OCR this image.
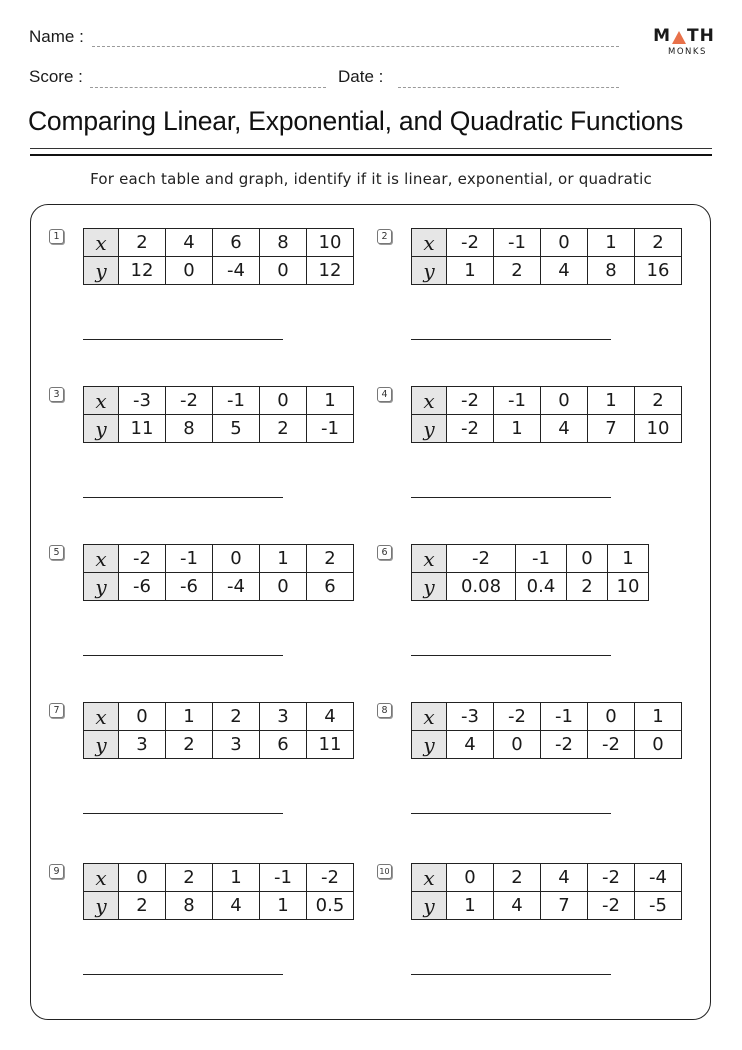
Name :
Score :	Date :
M TH
MONKS
Comparing Linear, Exponential, and Quadratic Functions
For each table and graph, identify if it is linear, exponential, or quadratic
1 x	2	4	6	8	10
y	12	0	-4	0	12
2 x	-2	-1	0	1	2
y	1	2	4	8	16
3 x	-3	-2	-1	0	1
y	11	8	5	2	-1
4 x	-2	-1	0	1	2
y	-2	1	4	7	10
5 x	-2	-1	0	1	2
y	-6	-6	-4	0	6
6 x	-2	-1	0	1
y	0.08	0.4	2	10
7 x	0	1	2	3	4
y	3	2	3	6	11
8 x	-3	-2	-1	0	1
y	4	0	-2	-2	0
9 x	0	2	1	-1	-2
y	2	8	4	1	0.5
10 x	0	2	4	-2	-4
y	1	4	7	-2	-5
